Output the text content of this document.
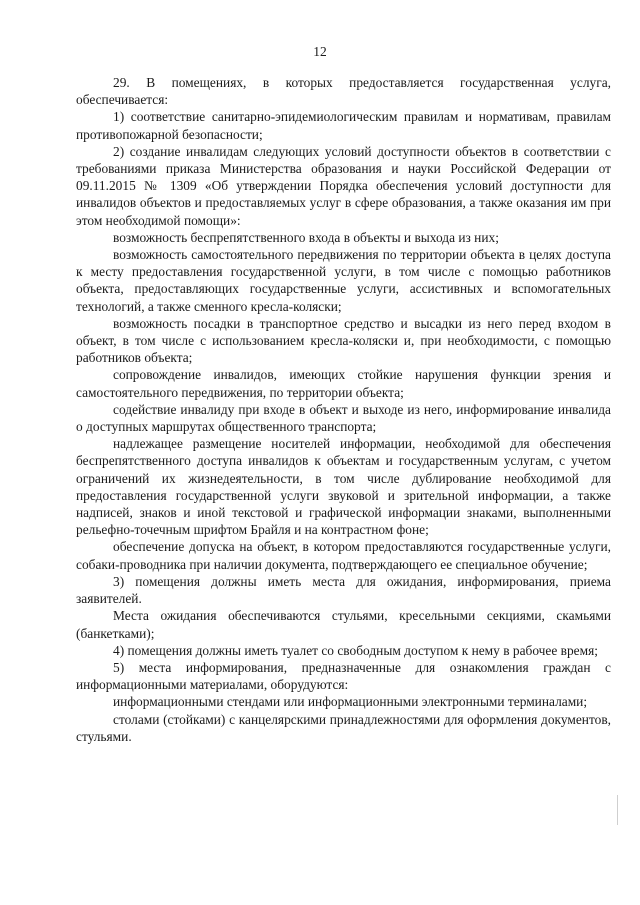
12

29. В помещениях, в которых предоставляется государственная услуга, обеспечивается:

1) соответствие санитарно-эпидемиологическим правилам и нормативам, правилам противопожарной безопасности;

2) создание инвалидам следующих условий доступности объектов в соответствии с требованиями приказа Министерства образования и науки Российской Федерации от 09.11.2015 № 1309 «Об утверждении Порядка обеспечения условий доступности для инвалидов объектов и предоставляемых услуг в сфере образования, а также оказания им при этом необходимой помощи»:

возможность беспрепятственного входа в объекты и выхода из них;

возможность самостоятельного передвижения по территории объекта в целях доступа к месту предоставления государственной услуги, в том числе с помощью работников объекта, предоставляющих государственные услуги, ассистивных и вспомогательных технологий, а также сменного кресла-коляски;

возможность посадки в транспортное средство и высадки из него перед входом в объект, в том числе с использованием кресла-коляски и, при необходимости, с помощью работников объекта;

сопровождение инвалидов, имеющих стойкие нарушения функции зрения и самостоятельного передвижения, по территории объекта;

содействие инвалиду при входе в объект и выходе из него, информирование инвалида о доступных маршрутах общественного транспорта;

надлежащее размещение носителей информации, необходимой для обеспечения беспрепятственного доступа инвалидов к объектам и государственным услугам, с учетом ограничений их жизнедеятельности, в том числе дублирование необходимой для предоставления государственной услуги звуковой и зрительной информации, а также надписей, знаков и иной текстовой и графической информации знаками, выполненными рельефно-точечным шрифтом Брайля и на контрастном фоне;

обеспечение допуска на объект, в котором предоставляются государственные услуги, собаки-проводника при наличии документа, подтверждающего ее специальное обучение;

3) помещения должны иметь места для ожидания, информирования, приема заявителей.

Места ожидания обеспечиваются стульями, кресельными секциями, скамьями (банкетками);

4) помещения должны иметь туалет со свободным доступом к нему в рабочее время;

5) места информирования, предназначенные для ознакомления граждан с информационными материалами, оборудуются:

информационными стендами или информационными электронными терминалами;

столами (стойками) с канцелярскими принадлежностями для оформления документов, стульями.
